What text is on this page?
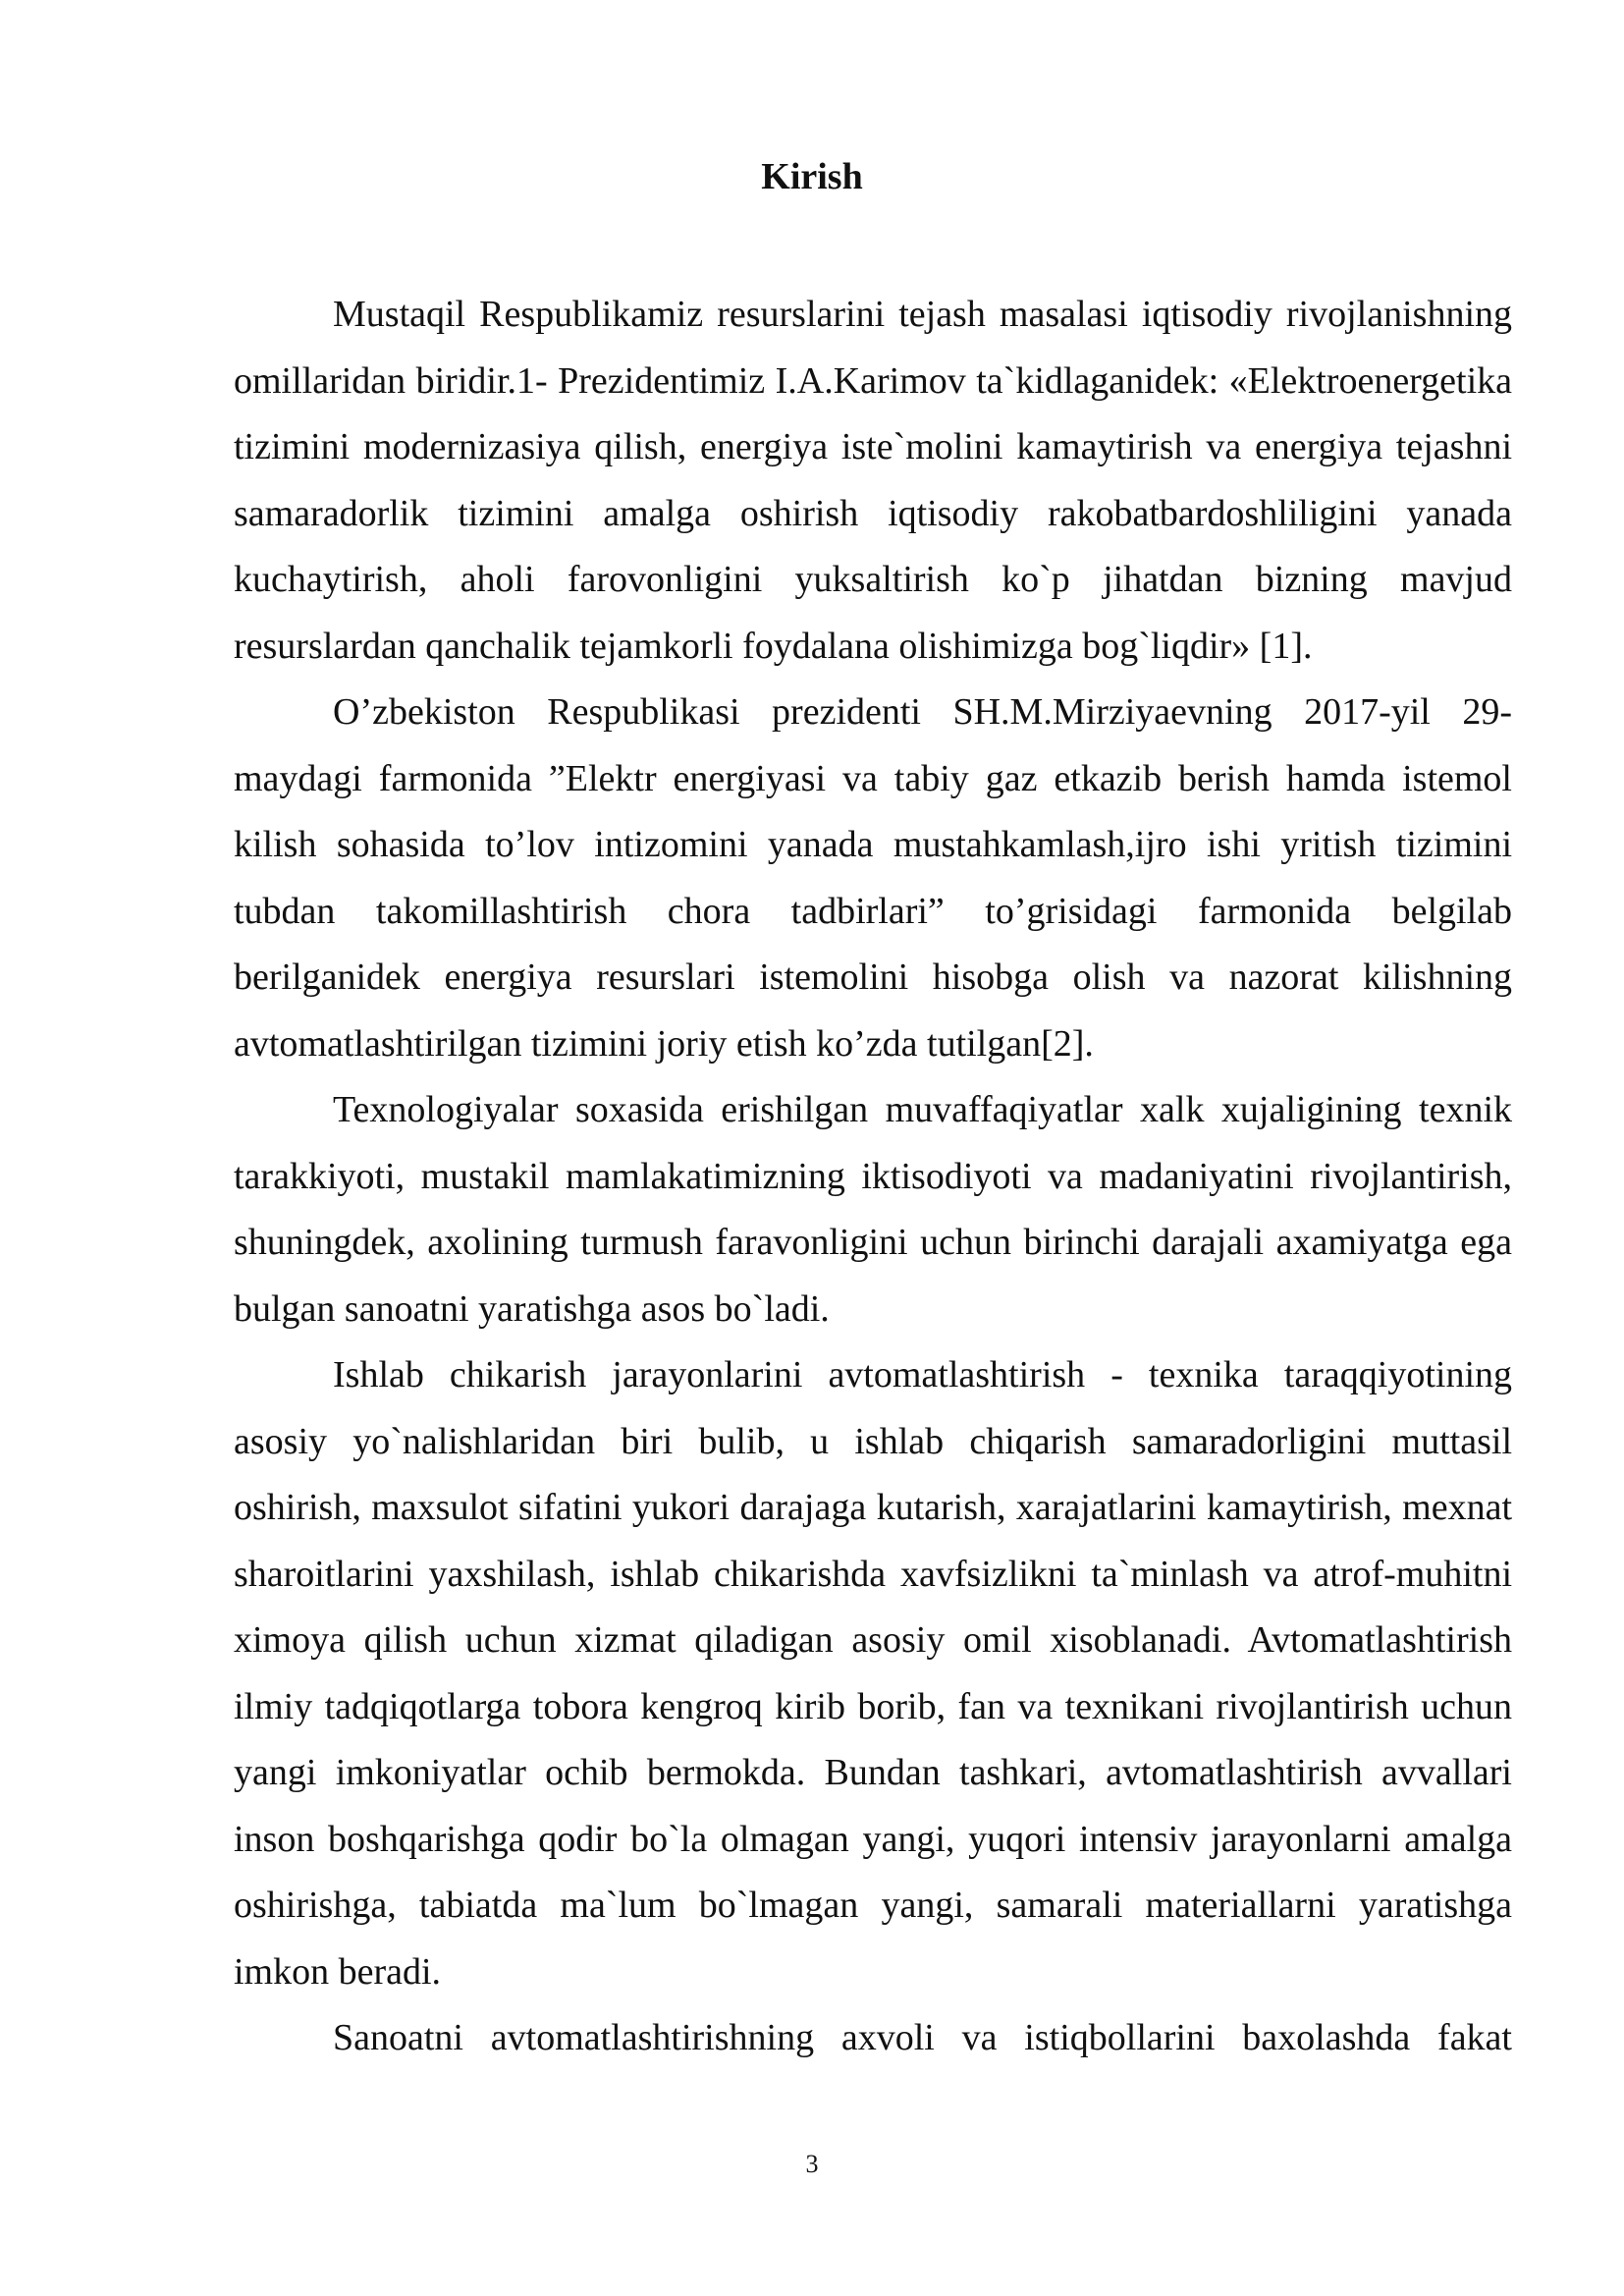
Kirish

Mustaqil Respublikamiz resurslarini tejash masalasi iqtisodiy rivojlanishning omillaridan biridir.1- Prezidentimiz I.A.Karimov ta`kidlaganidek: «Elektroenergetika tizimini modernizasiya qilish, energiya iste`molini kamaytirish va energiya tejashni samaradorlik tizimini amalga oshirish iqtisodiy rakobatbardoshliligini yanada kuchaytirish, aholi farovonligini yuksaltirish ko`p jihatdan bizning mavjud resurslardan qanchalik tejamkorli foydalana olishimizga bog`liqdir» [1].

O’zbekiston Respublikasi prezidenti SH.M.Mirziyaevning 2017-yil 29-maydagi farmonida ”Elektr energiyasi va tabiy gaz etkazib berish hamda istemol kilish sohasida to’lov intizomini yanada mustahkamlash,ijro ishi yritish tizimini tubdan takomillashtirish chora tadbirlari” to’grisidagi farmonida belgilab berilganidek energiya resurslari istemolini hisobga olish va nazorat kilishning avtomatlashtirilgan tizimini joriy etish ko’zda tutilgan[2].

Texnologiyalar soxasida erishilgan muvaffaqiyatlar xalk xujaligining texnik tarakkiyoti, mustakil mamlakatimizning iktisodiyoti va madaniyatini rivojlantirish, shuningdek, axolining turmush faravonligini uchun birinchi darajali axamiyatga ega bulgan sanoatni yaratishga asos bo`ladi.

Ishlab chikarish jarayonlarini avtomatlashtirish - texnika taraqqiyotining asosiy yo`nalishlaridan biri bulib, u ishlab chiqarish samaradorligini muttasil oshirish, maxsulot sifatini yukori darajaga kutarish, xarajatlarini kamaytirish, mexnat sharoitlarini yaxshilash, ishlab chikarishda xavfsizlikni ta`minlash va atrof-muhitni ximoya qilish uchun xizmat qiladigan asosiy omil xisoblanadi. Avtomatlashtirish ilmiy tadqiqotlarga tobora kengroq kirib borib, fan va texnikani rivojlantirish uchun yangi imkoniyatlar ochib bermokda. Bundan tashkari, avtomatlashtirish avvallari inson boshqarishga qodir bo`la olmagan yangi, yuqori intensiv jarayonlarni amalga oshirishga, tabiatda ma`lum bo`lmagan yangi, samarali materiallarni yaratishga imkon beradi.

Sanoatni avtomatlashtirishning axvoli va istiqbollarini baxolashda fakat

3
